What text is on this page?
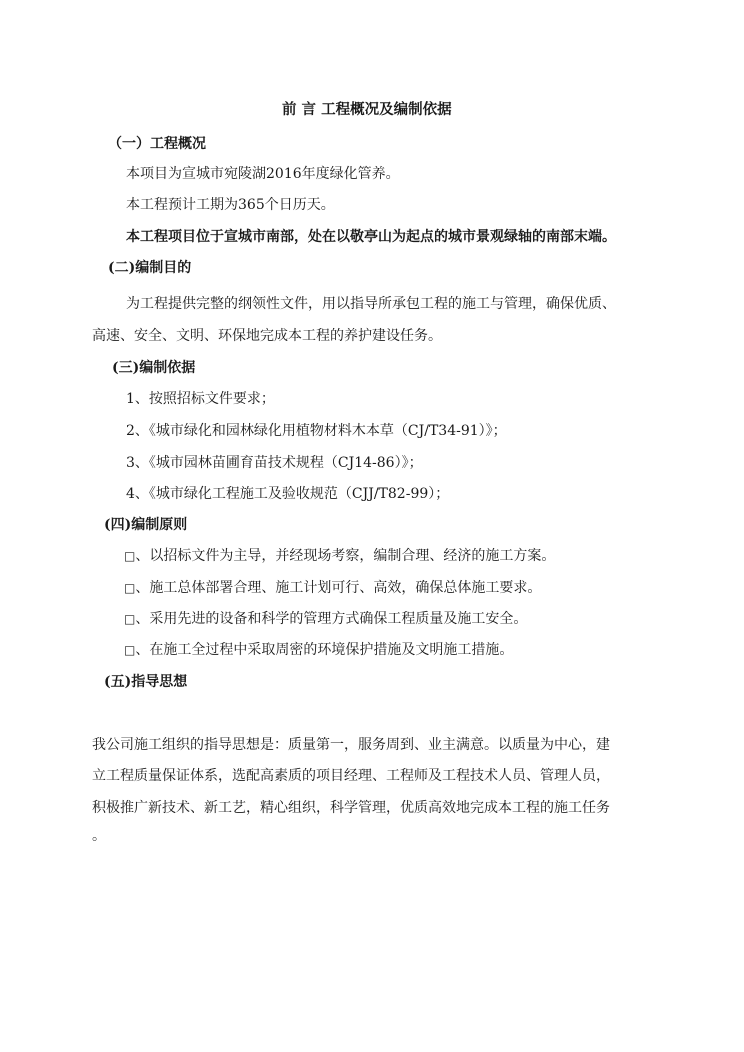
前 言 工程概况及编制依据
（一）工程概况
本项目为宣城市宛陵湖2016年度绿化管养。
本工程预计工期为365个日历天。
本工程项目位于宣城市南部，处在以敬亭山为起点的城市景观绿轴的南部末端。
(二)编制目的
为工程提供完整的纲领性文件，用以指导所承包工程的施工与管理，确保优质、
高速、安全、文明、环保地完成本工程的养护建设任务。
(三)编制依据
1、按照招标文件要求；
2、《城市绿化和园林绿化用植物材料木本草（CJ/T34-91）》；
3、《城市园林苗圃育苗技术规程（CJ14-86）》；
4、《城市绿化工程施工及验收规范（CJJ/T82-99）；
(四)编制原则
□、以招标文件为主导，并经现场考察，编制合理、经济的施工方案。
□、施工总体部署合理、施工计划可行、高效，确保总体施工要求。
□、采用先进的设备和科学的管理方式确保工程质量及施工安全。
□、在施工全过程中采取周密的环境保护措施及文明施工措施。
(五)指导思想
我公司施工组织的指导思想是：质量第一，服务周到、业主满意。以质量为中心，建
立工程质量保证体系，选配高素质的项目经理、工程师及工程技术人员、管理人员，
积极推广新技术、新工艺，精心组织，科学管理，优质高效地完成本工程的施工任务
。
